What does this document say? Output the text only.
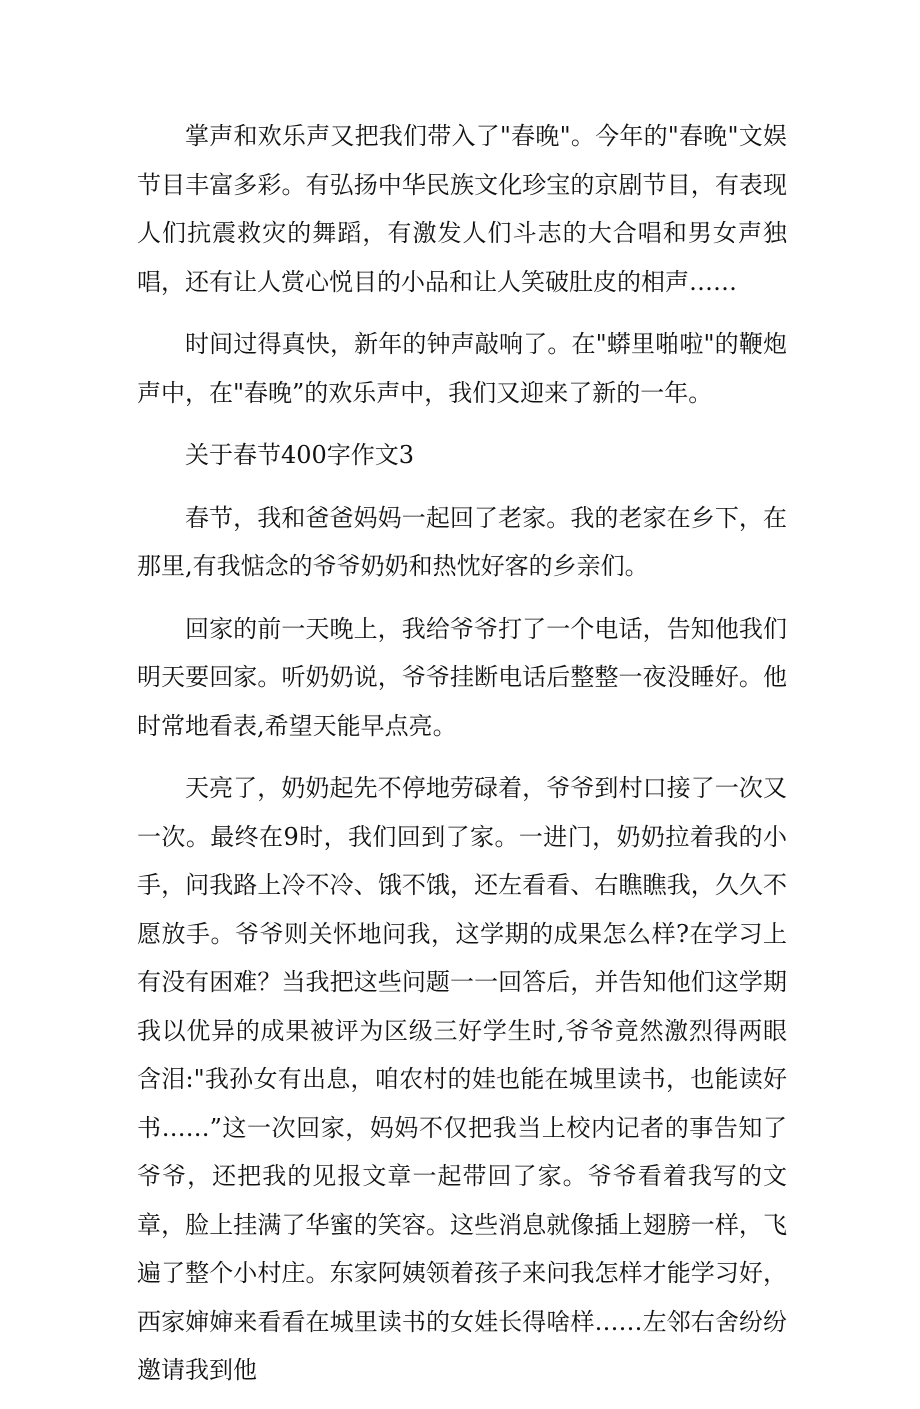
掌声和欢乐声又把我们带入了"春晚"。今年的"春晚"文娱节目丰富多彩。有弘扬中华民族文化珍宝的京剧节目，有表现人们抗震救灾的舞蹈，有激发人们斗志的大合唱和男女声独唱，还有让人赏心悦目的小品和让人笑破肚皮的相声……

时间过得真快，新年的钟声敲响了。在"蟒里啪啦"的鞭炮声中，在"春晚”的欢乐声中，我们又迎来了新的一年。

关于春节400字作文3

春节，我和爸爸妈妈一起回了老家。我的老家在乡下，在那里,有我惦念的爷爷奶奶和热忱好客的乡亲们。

回家的前一天晚上，我给爷爷打了一个电话，告知他我们明天要回家。听奶奶说，爷爷挂断电话后整整一夜没睡好。他时常地看表,希望天能早点亮。

天亮了，奶奶起先不停地劳碌着，爷爷到村口接了一次又一次。最终在9时，我们回到了家。一进门，奶奶拉着我的小手，问我路上冷不冷、饿不饿，还左看看、右瞧瞧我，久久不愿放手。爷爷则关怀地问我，这学期的成果怎么样?在学习上有没有困难？当我把这些问题一一回答后，并告知他们这学期我以优异的成果被评为区级三好学生时,爷爷竟然激烈得两眼含泪:"我孙女有出息，咱农村的娃也能在城里读书，也能读好书……”这一次回家，妈妈不仅把我当上校内记者的事告知了爷爷，还把我的见报文章一起带回了家。爷爷看着我写的文章，脸上挂满了华蜜的笑容。这些消息就像插上翅膀一样，飞遍了整个小村庄。东家阿姨领着孩子来问我怎样才能学习好，西家婶婶来看看在城里读书的女娃长得啥样……左邻右舍纷纷邀请我到他
